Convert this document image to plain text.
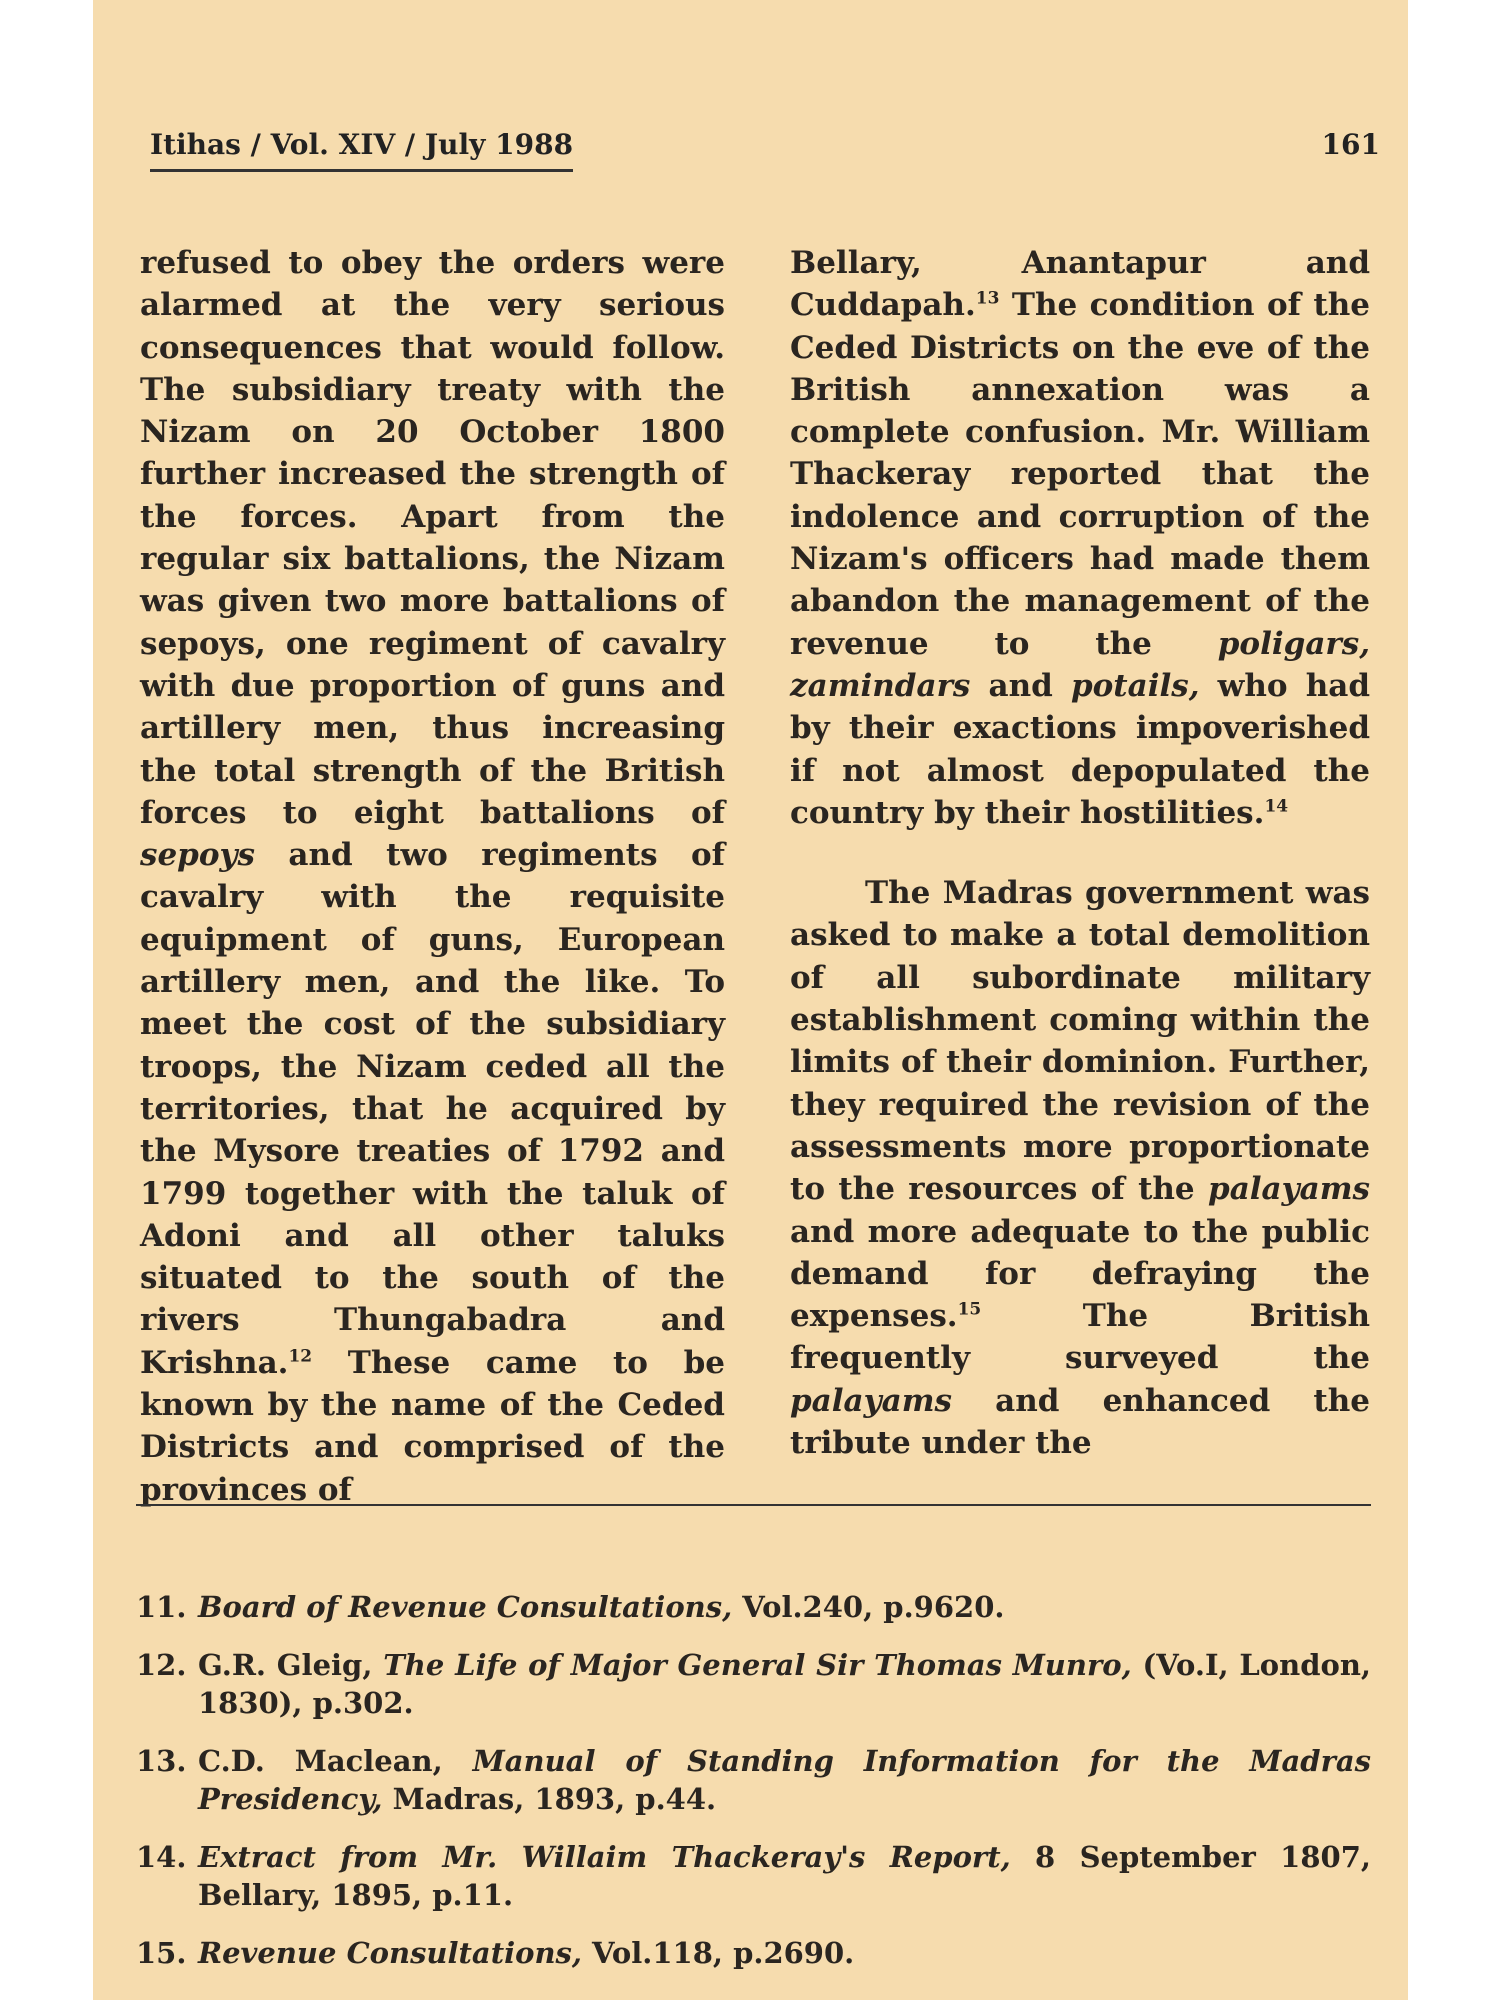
Itihas / Vol. XIV / July 1988	161

refused to obey the orders were alarmed at the very serious consequences that would follow. The subsidiary treaty with the Nizam on 20 October 1800 further increased the strength of the forces. Apart from the regular six battalions, the Nizam was given two more battalions of sepoys, one regiment of cavalry with due proportion of guns and artillery men, thus increasing the total strength of the British forces to eight battalions of sepoys and two regiments of cavalry with the requisite equipment of guns, European artillery men, and the like. To meet the cost of the subsidiary troops, the Nizam ceded all the territories, that he acquired by the Mysore treaties of 1792 and 1799 together with the taluk of Adoni and all other taluks situated to the south of the rivers Thungabadra and Krishna.$^{12}$ These came to be known by the name of the Ceded Districts and comprised of the provinces of

Bellary, Anantapur and Cuddapah.$^{13}$ The condition of the Ceded Districts on the eve of the British annexation was a complete confusion. Mr. William Thackeray reported that the indolence and corruption of the Nizam's officers had made them abandon the management of the revenue to the poligars, zamindars and potails, who had by their exactions impoverished if not almost depopulated the country by their hostilities.$^{14}$

The Madras government was asked to make a total demolition of all subordinate military establishment coming within the limits of their dominion. Further, they required the revision of the assessments more proportionate to the resources of the palayams and more adequate to the public demand for defraying the expenses.$^{15}$ The British frequently surveyed the palayams and enhanced the tribute under the

11. Board of Revenue Consultations, Vol.240, p.9620.
12. G.R. Gleig, The Life of Major General Sir Thomas Munro, (Vo.I, London, 1830), p.302.
13. C.D. Maclean, Manual of Standing Information for the Madras Presidency, Madras, 1893, p.44.
14. Extract from Mr. Willaim Thackeray's Report, 8 September 1807, Bellary, 1895, p.11.
15. Revenue Consultations, Vol.118, p.2690.
